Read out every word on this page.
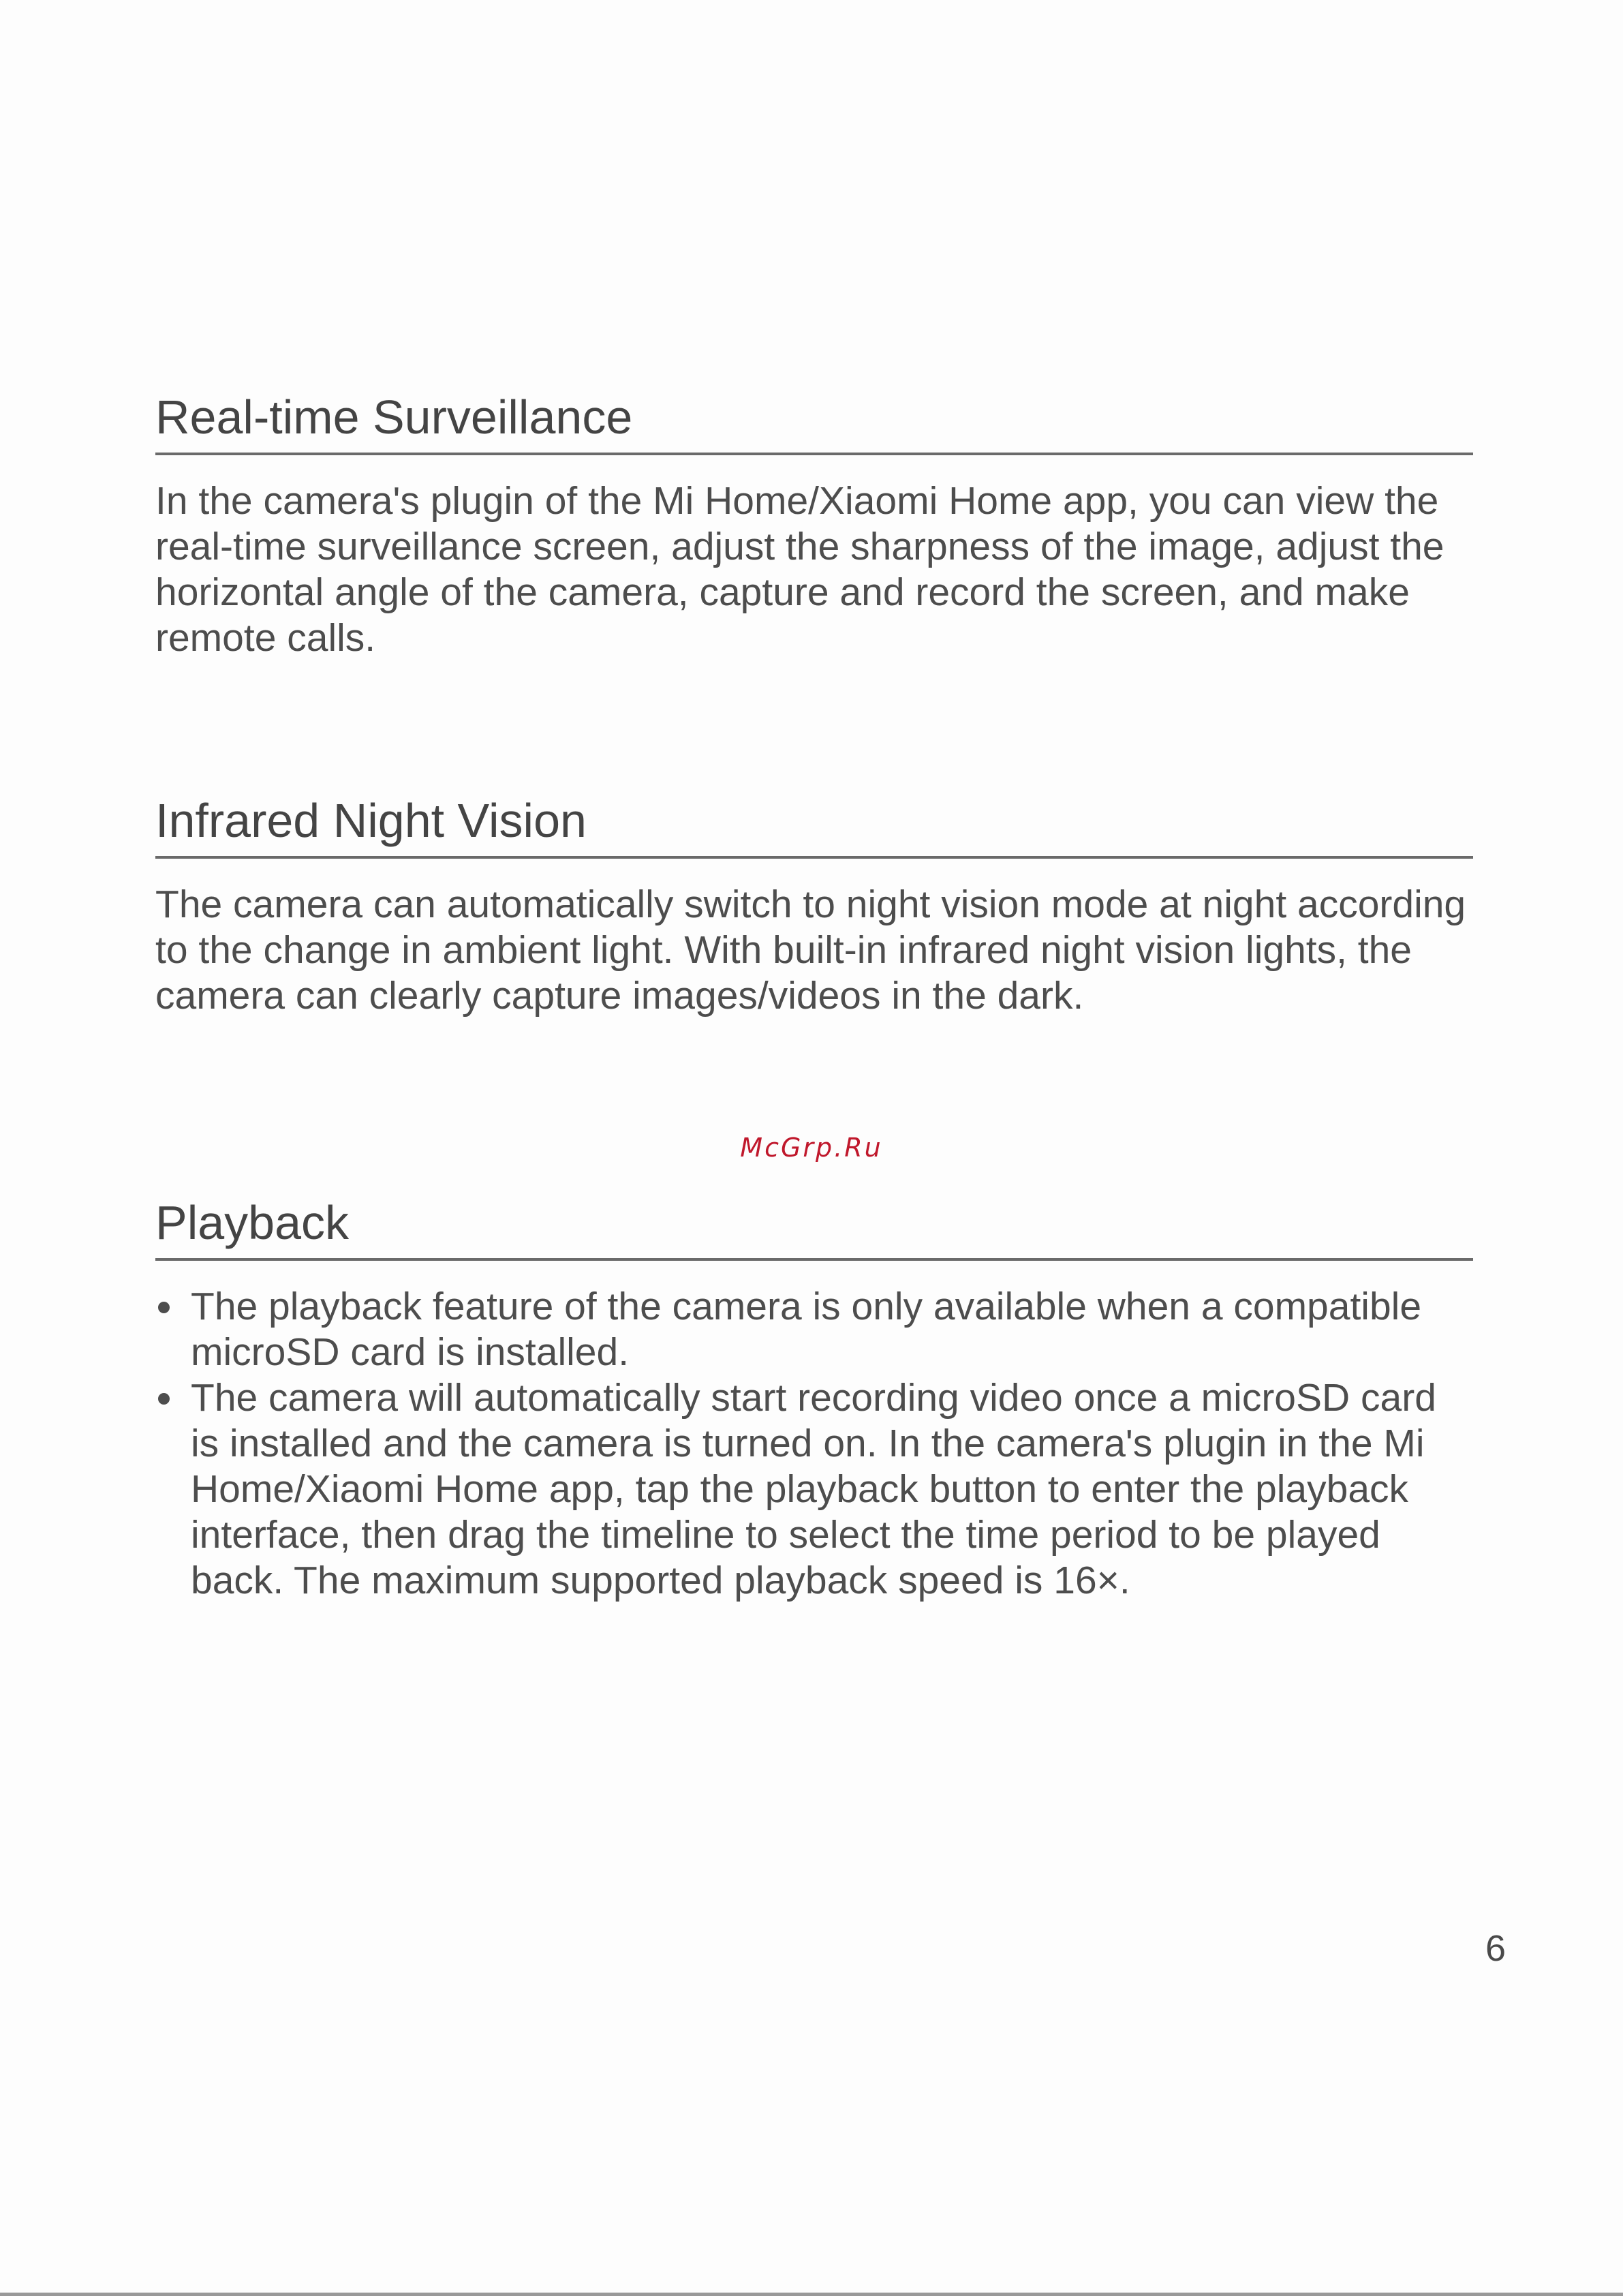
Real-time Surveillance

In the camera's plugin of the Mi Home/Xiaomi Home app, you can view the real-time surveillance screen, adjust the sharpness of the image, adjust the horizontal angle of the camera, capture and record the screen, and make remote calls.

Infrared Night Vision

The camera can automatically switch to night vision mode at night according to the change in ambient light. With built-in infrared night vision lights, the camera can clearly capture images/videos in the dark.

McGrp.Ru
Playback
The playback feature of the camera is only available when a compatible microSD card is installed.
The camera will automatically start recording video once a microSD card is installed and the camera is turned on. In the camera's plugin in the Mi Home/Xiaomi Home app, tap the playback button to enter the playback interface, then drag the timeline to select the time period to be played back. The maximum supported playback speed is 16×.
6
